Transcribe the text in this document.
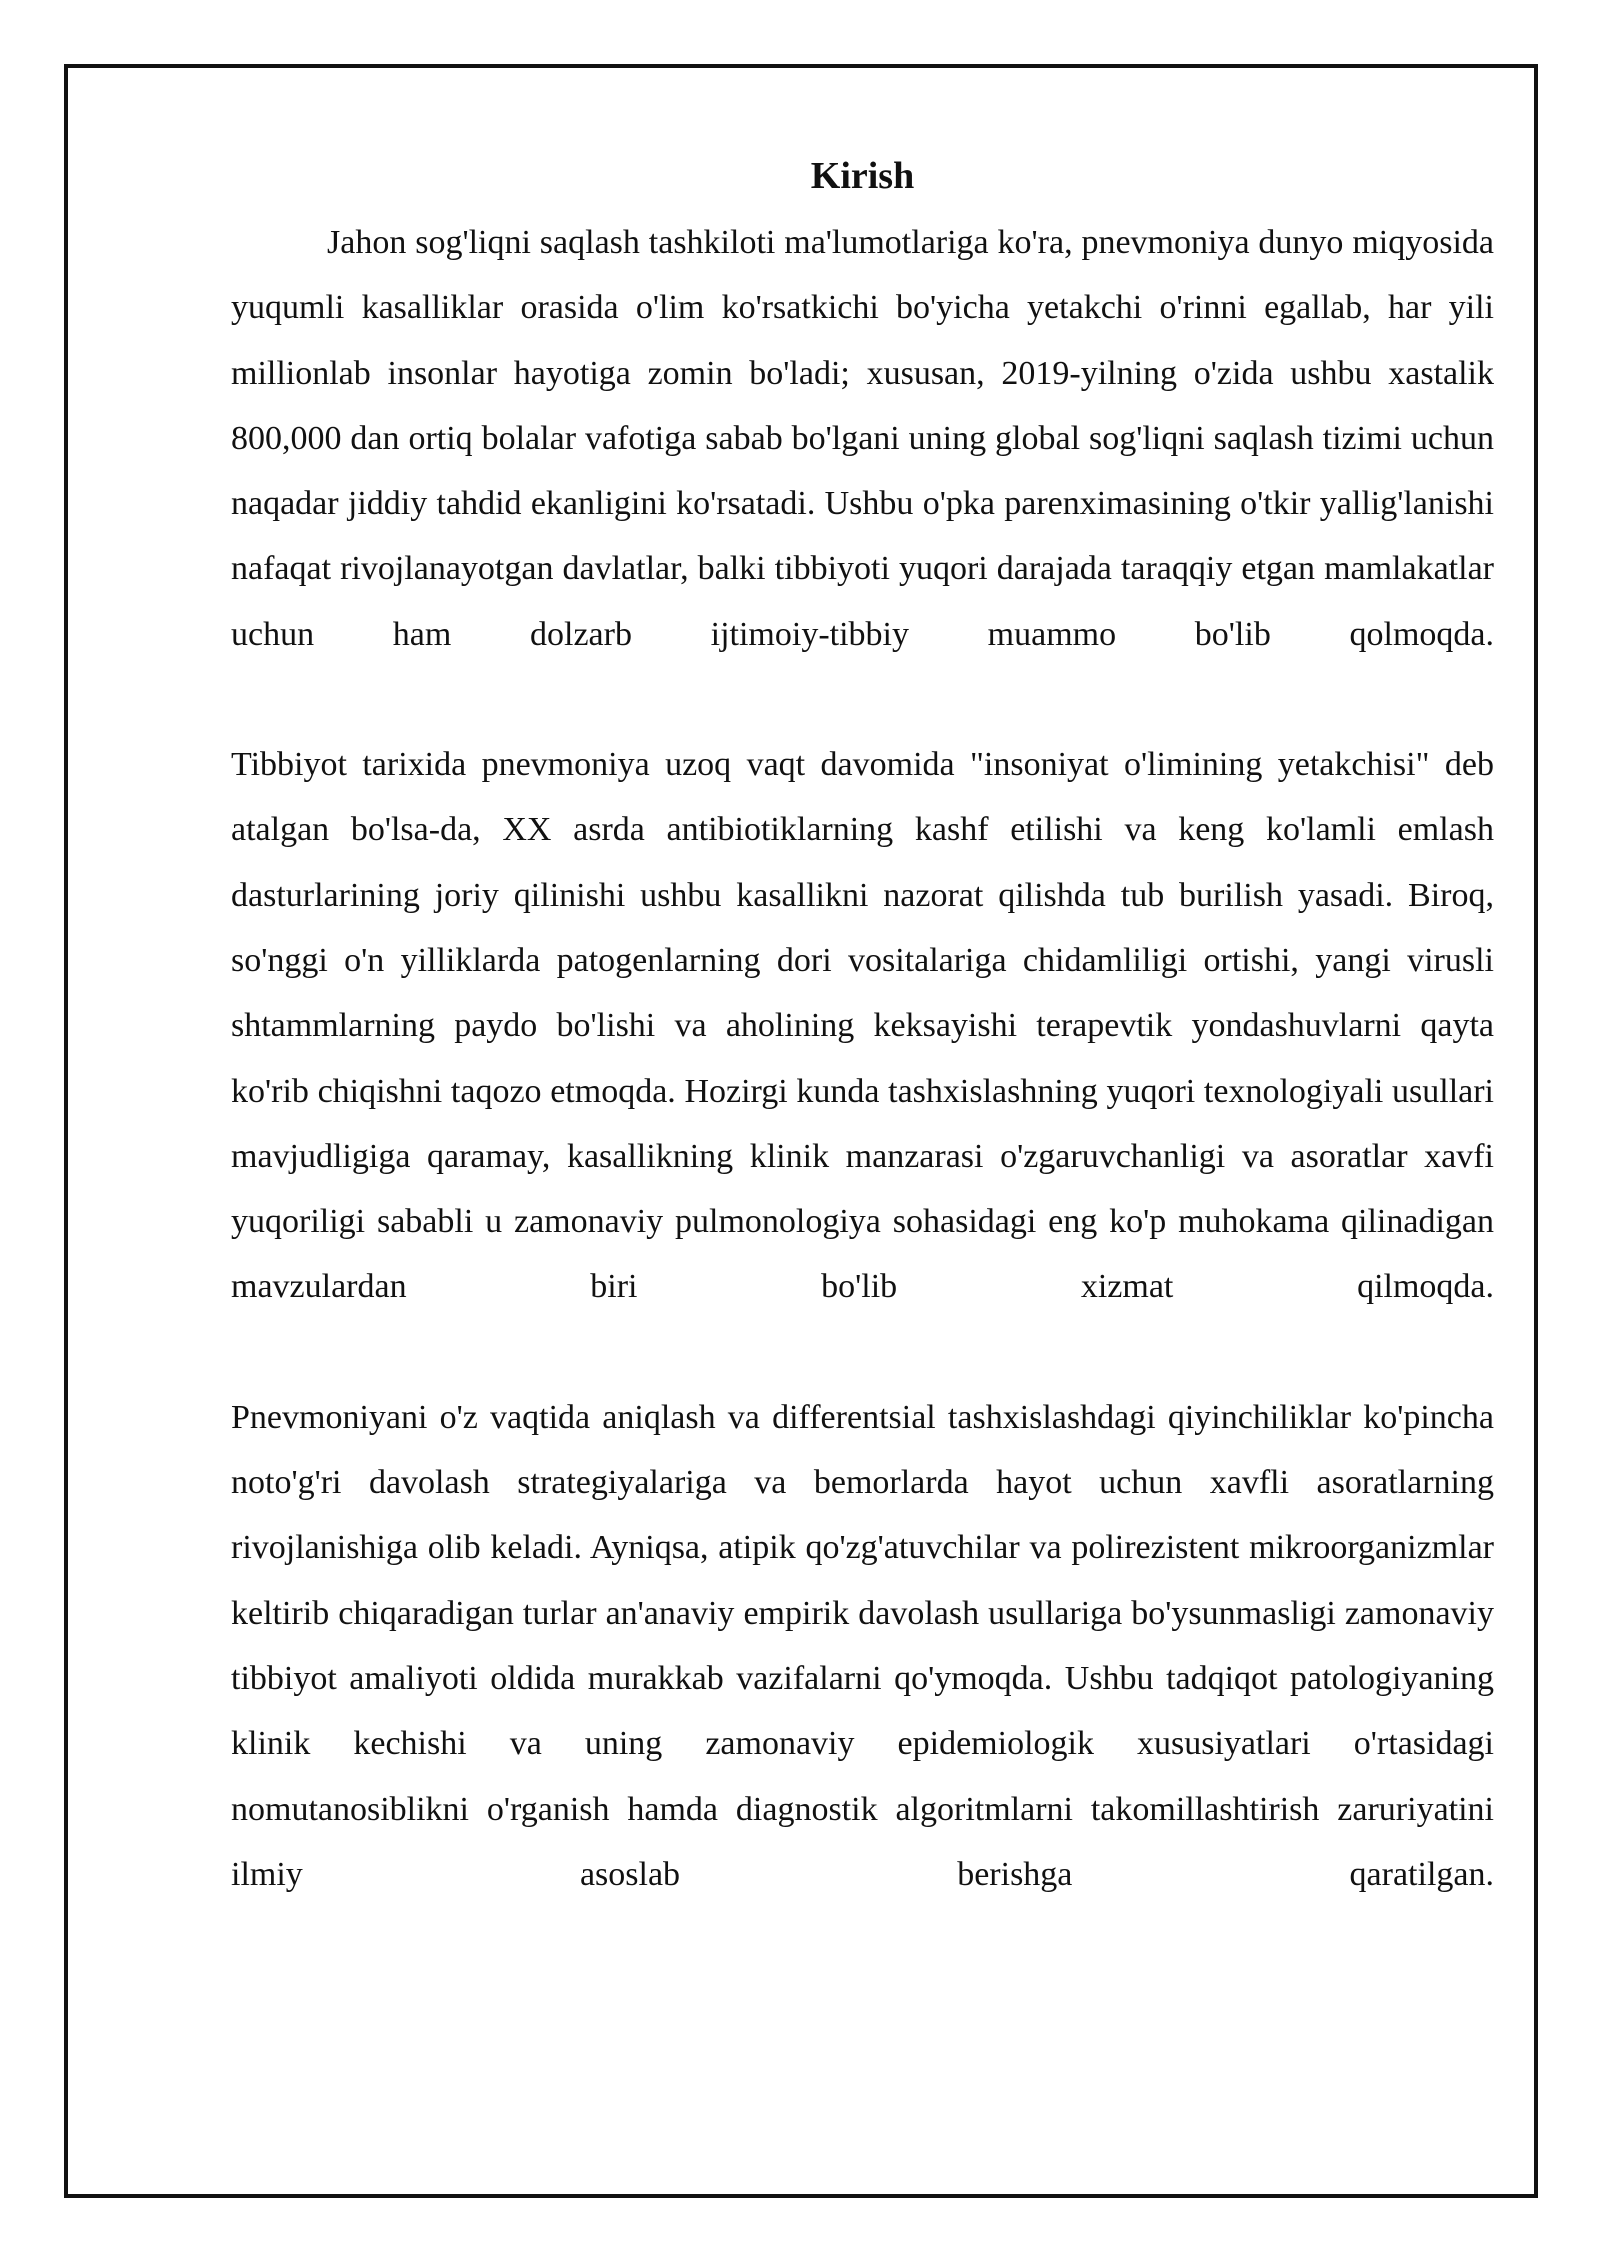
Kirish

Jahon sog'liqni saqlash tashkiloti ma'lumotlariga ko'ra, pnevmoniya dunyo miqyosida yuqumli kasalliklar orasida o'lim ko'rsatkichi bo'yicha yetakchi o'rinni egallab, har yili millionlab insonlar hayotiga zomin bo'ladi; xususan, 2019-yilning o'zida ushbu xastalik 800,000 dan ortiq bolalar vafotiga sabab bo'lgani uning global sog'liqni saqlash tizimi uchun naqadar jiddiy tahdid ekanligini ko'rsatadi. Ushbu o'pka parenximasining o'tkir yallig'lanishi nafaqat rivojlanayotgan davlatlar, balki tibbiyoti yuqori darajada taraqqiy etgan mamlakatlar uchun ham dolzarb ijtimoiy-tibbiy muammo bo'lib qolmoqda.

Tibbiyot tarixida pnevmoniya uzoq vaqt davomida "insoniyat o'limining yetakchisi" deb atalgan bo'lsa-da, XX asrda antibiotiklarning kashf etilishi va keng ko'lamli emlash dasturlarining joriy qilinishi ushbu kasallikni nazorat qilishda tub burilish yasadi. Biroq, so'nggi o'n yilliklarda patogenlarning dori vositalariga chidamliligi ortishi, yangi virusli shtammlarning paydo bo'lishi va aholining keksayishi terapevtik yondashuvlarni qayta ko'rib chiqishni taqozo etmoqda. Hozirgi kunda tashxislashning yuqori texnologiyali usullari mavjudligiga qaramay, kasallikning klinik manzarasi o'zgaruvchanligi va asoratlar xavfi yuqoriligi sababli u zamonaviy pulmonologiya sohasidagi eng ko'p muhokama qilinadigan mavzulardan biri bo'lib xizmat qilmoqda.

Pnevmoniyani o'z vaqtida aniqlash va differentsial tashxislashdagi qiyinchiliklar ko'pincha noto'g'ri davolash strategiyalariga va bemorlarda hayot uchun xavfli asoratlarning rivojlanishiga olib keladi. Ayniqsa, atipik qo'zg'atuvchilar va polirezistent mikroorganizmlar keltirib chiqaradigan turlar an'anaviy empirik davolash usullariga bo'ysunmasligi zamonaviy tibbiyot amaliyoti oldida murakkab vazifalarni qo'ymoqda. Ushbu tadqiqot patologiyaning klinik kechishi va uning zamonaviy epidemiologik xususiyatlari o'rtasidagi nomutanosiblikni o'rganish hamda diagnostik algoritmlarni takomillashtirish zaruriyatini ilmiy asoslab berishga qaratilgan.
